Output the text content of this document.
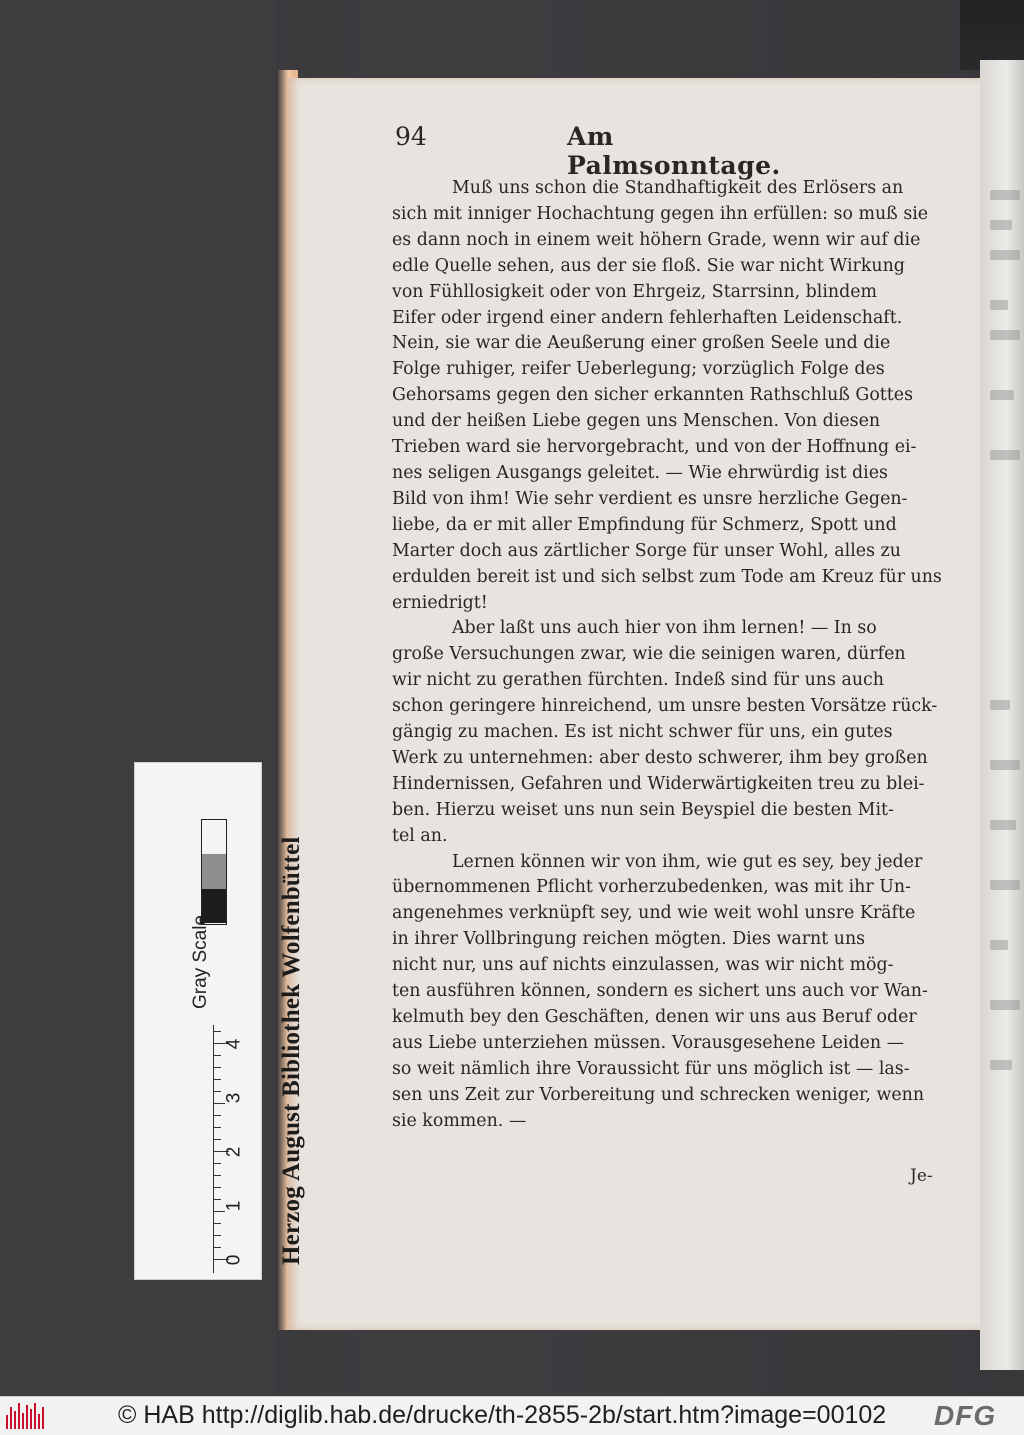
94	Am Palmsonntage.

Muß uns schon die Standhaftigkeit des Erlösers an
sich mit inniger Hochachtung gegen ihn erfüllen: so muß sie
es dann noch in einem weit höhern Grade, wenn wir auf die
edle Quelle sehen, aus der sie floß. Sie war nicht Wirkung
von Fühllosigkeit oder von Ehrgeiz, Starrsinn, blindem
Eifer oder irgend einer andern fehlerhaften Leidenschaft.
Nein, sie war die Aeußerung einer großen Seele und die
Folge ruhiger, reifer Ueberlegung; vorzüglich Folge des
Gehorsams gegen den sicher erkannten Rathschluß Gottes
und der heißen Liebe gegen uns Menschen. Von diesen
Trieben ward sie hervorgebracht, und von der Hoffnung ei-
nes seligen Ausgangs geleitet. — Wie ehrwürdig ist dies
Bild von ihm! Wie sehr verdient es unsre herzliche Gegen-
liebe, da er mit aller Empfindung für Schmerz, Spott und
Marter doch aus zärtlicher Sorge für unser Wohl, alles zu
erdulden bereit ist und sich selbst zum Tode am Kreuz für uns
erniedrigt!

Aber laßt uns auch hier von ihm lernen! — In so
große Versuchungen zwar, wie die seinigen waren, dürfen
wir nicht zu gerathen fürchten. Indeß sind für uns auch
schon geringere hinreichend, um unsre besten Vorsätze rück-
gängig zu machen. Es ist nicht schwer für uns, ein gutes
Werk zu unternehmen: aber desto schwerer, ihm bey großen
Hindernissen, Gefahren und Widerwärtigkeiten treu zu blei-
ben. Hierzu weiset uns nun sein Beyspiel die besten Mit-
tel an.

Lernen können wir von ihm, wie gut es sey, bey jeder
übernommenen Pflicht vorherzubedenken, was mit ihr Un-
angenehmes verknüpft sey, und wie weit wohl unsre Kräfte
in ihrer Vollbringung reichen mögten. Dies warnt uns
nicht nur, uns auf nichts einzulassen, was wir nicht mög-
ten ausführen können, sondern es sichert uns auch vor Wan-
kelmuth bey den Geschäften, denen wir uns aus Beruf oder
aus Liebe unterziehen müssen. Vorausgesehene Leiden —
so weit nämlich ihre Voraussicht für uns möglich ist — las-
sen uns Zeit zur Vorbereitung und schrecken weniger, wenn
sie kommen. —

Je-
Herzog August Bibliothek Wolfenbüttel
Gray Scale
0
1
2
3
4
© HAB http://diglib.hab.de/drucke/th-2855-2b/start.htm?image=00102 DFG
